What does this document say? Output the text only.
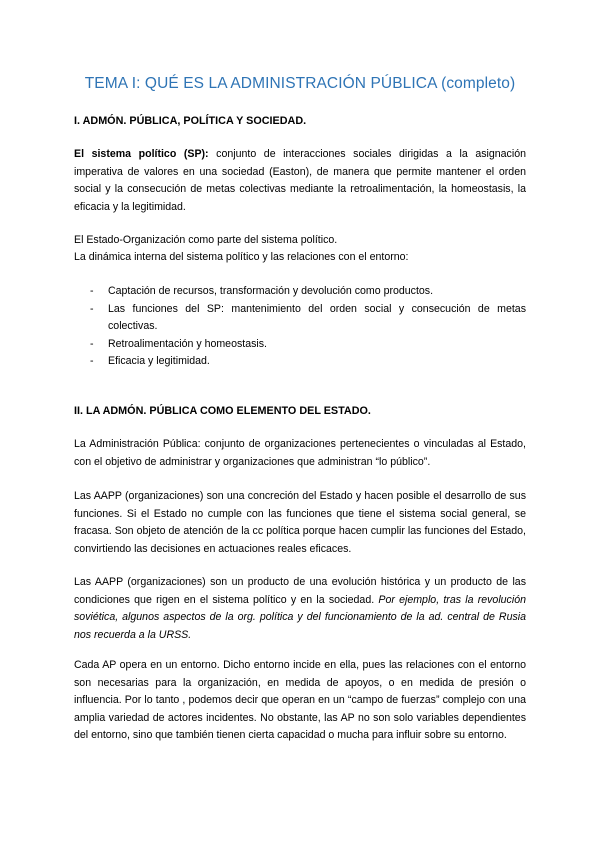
TEMA I: QUÉ ES LA ADMINISTRACIÓN PÚBLICA (completo)
I. ADMÓN. PÚBLICA, POLÍTICA Y SOCIEDAD.

El sistema político (SP): conjunto de interacciones sociales dirigidas a la asignación imperativa de valores en una sociedad (Easton), de manera que permite mantener el orden social y la consecución de metas colectivas mediante la retroalimentación, la homeostasis, la eficacia y la legitimidad.

El Estado-Organización como parte del sistema político.
La dinámica interna del sistema político y las relaciones con el entorno:
- Captación de recursos, transformación y devolución como productos.
- Las funciones del SP: mantenimiento del orden social y consecución de metas colectivas.
- Retroalimentación y homeostasis.
- Eficacia y legitimidad.
II. LA ADMÓN. PÚBLICA COMO ELEMENTO DEL ESTADO.
La Administración Pública: conjunto de organizaciones pertenecientes o vinculadas al Estado, con el objetivo de administrar y organizaciones que administran “lo público”.
Las AAPP (organizaciones) son una concreción del Estado y hacen posible el desarrollo de sus funciones. Si el Estado no cumple con las funciones que tiene el sistema social general, se fracasa. Son objeto de atención de la cc política porque hacen cumplir las funciones del Estado, convirtiendo las decisiones en actuaciones reales eficaces.

Las AAPP (organizaciones) son un producto de una evolución histórica y un producto de las condiciones que rigen en el sistema político y en la sociedad. Por ejemplo, tras la revolución soviética, algunos aspectos de la org. política y del funcionamiento de la ad. central de Rusia nos recuerda a la URSS.

Cada AP opera en un entorno. Dicho entorno incide en ella, pues las relaciones con el entorno son necesarias para la organización, en medida de apoyos, o en medida de presión o influencia. Por lo tanto , podemos decir que operan en un “campo de fuerzas” complejo con una amplia variedad de actores incidentes. No obstante, las AP no son solo variables dependientes del entorno, sino que también tienen cierta capacidad o mucha para influir sobre su entorno.
